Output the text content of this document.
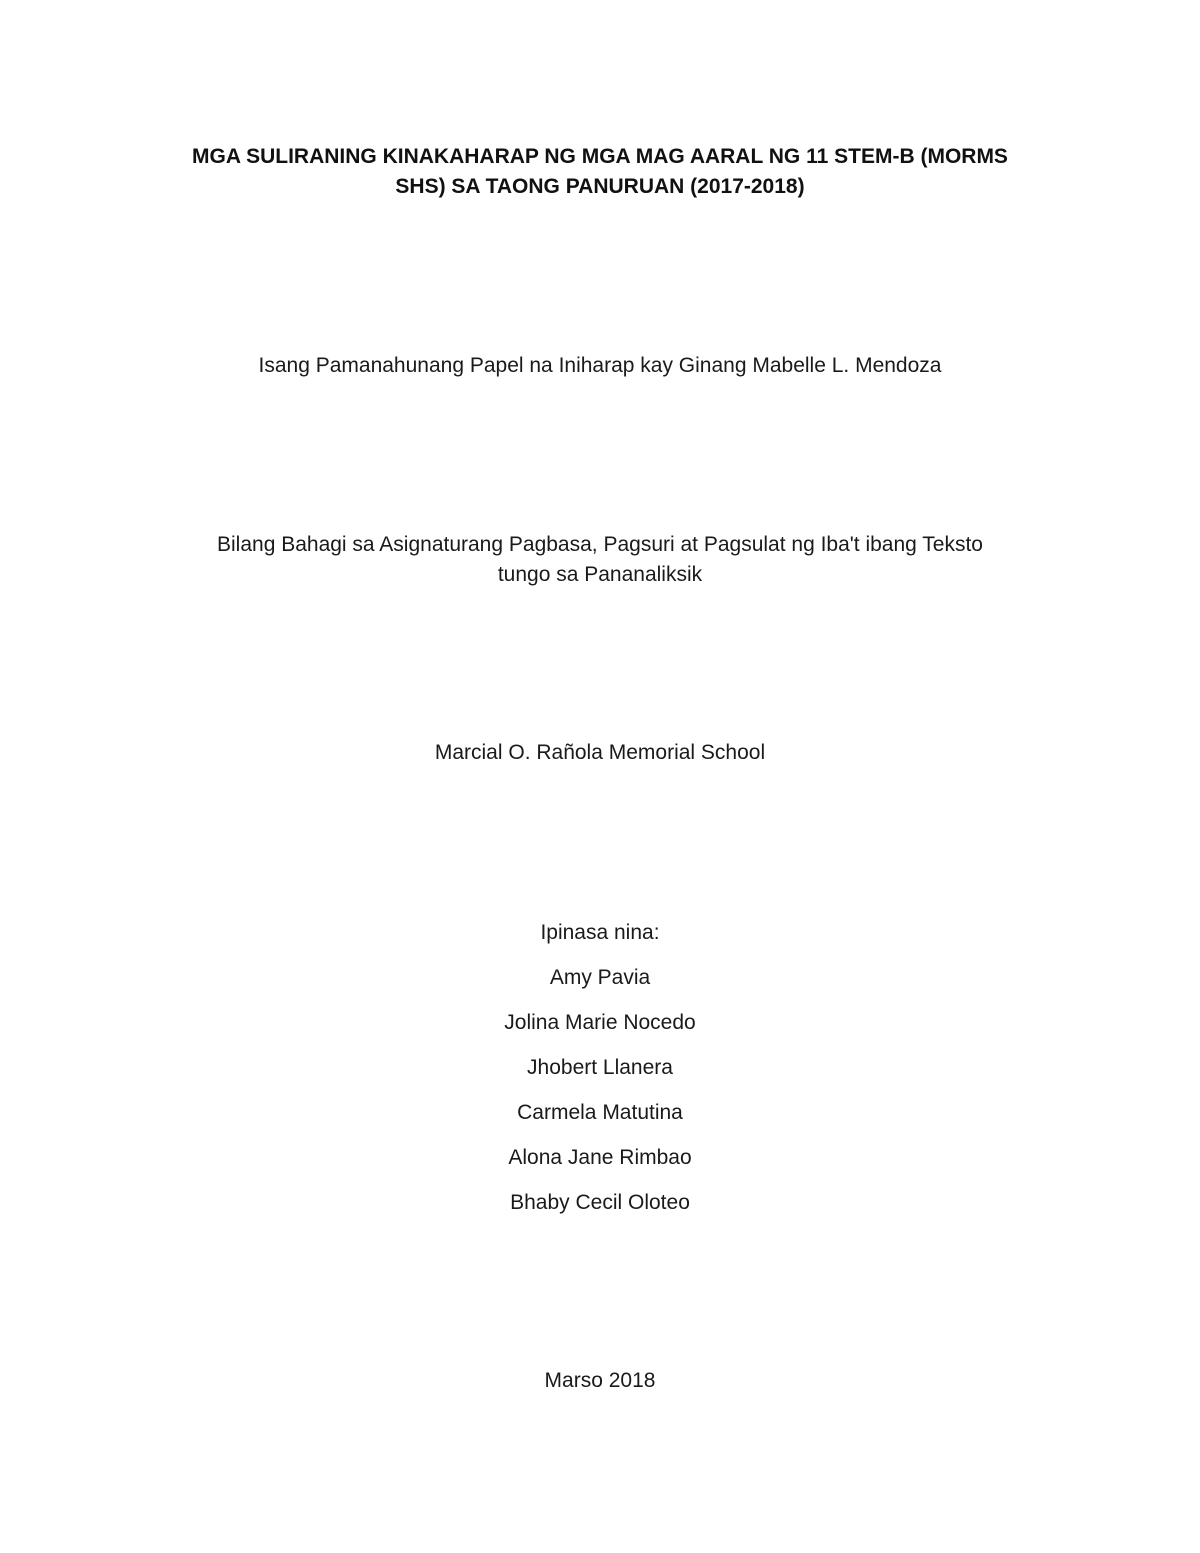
MGA SULIRANING KINAKAHARAP NG MGA MAG AARAL NG 11 STEM-B (MORMS
SHS) SA TAONG PANURUAN (2017-2018)
Isang Pamanahunang Papel na Iniharap kay Ginang Mabelle L. Mendoza
Bilang Bahagi sa Asignaturang Pagbasa, Pagsuri at Pagsulat ng Iba't ibang Teksto
tungo sa Pananaliksik
Marcial O. Rañola Memorial School
Ipinasa nina:
Amy Pavia
Jolina Marie Nocedo
Jhobert Llanera
Carmela Matutina
Alona Jane Rimbao
Bhaby Cecil Oloteo
Marso 2018
